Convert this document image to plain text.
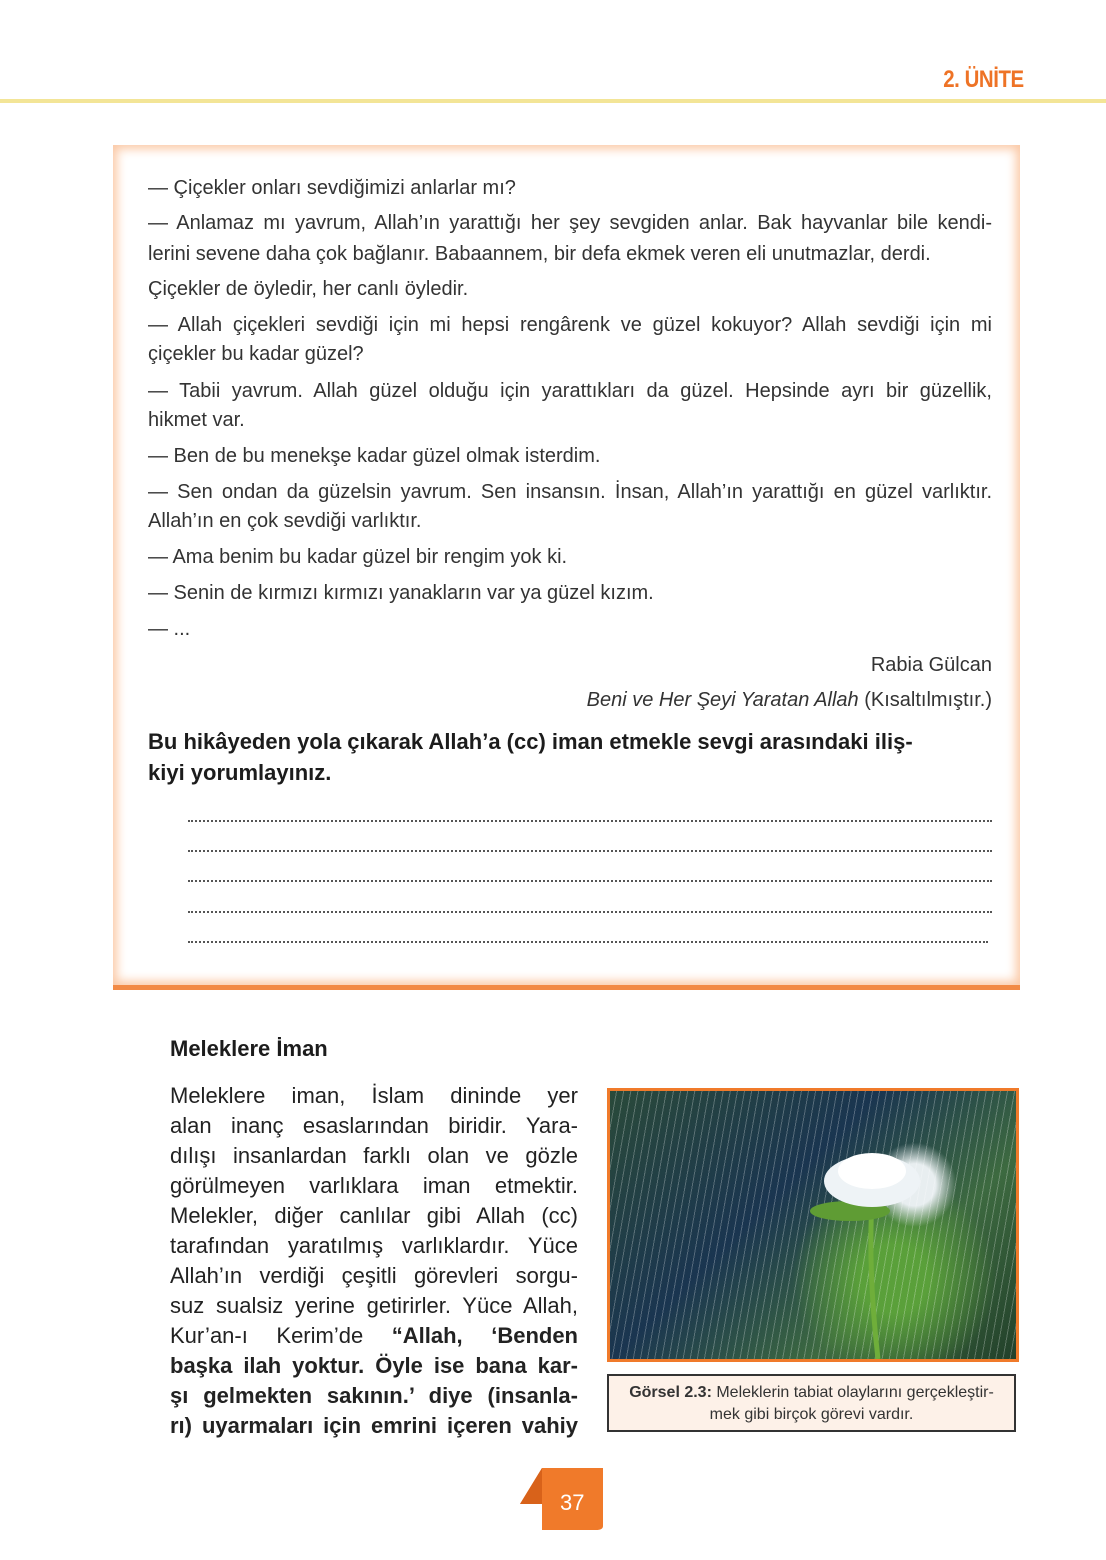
2. ÜNİTE
— Çiçekler onları sevdiğimizi anlarlar mı?
— Anlamaz mı yavrum, Allah’ın yarattığı her şey sevgiden anlar. Bak hayvanlar bile kendi-
lerini sevene daha çok bağlanır. Babaannem, bir defa ekmek veren eli unutmazlar, derdi.
Çiçekler de öyledir, her canlı öyledir.
— Allah çiçekleri sevdiği için mi hepsi rengârenk ve güzel kokuyor? Allah sevdiği için mi
çiçekler bu kadar güzel?
— Tabii yavrum. Allah güzel olduğu için yarattıkları da güzel. Hepsinde ayrı bir güzellik,
hikmet var.
— Ben de bu menekşe kadar güzel olmak isterdim.
— Sen ondan da güzelsin yavrum. Sen insansın. İnsan, Allah’ın yarattığı en güzel varlıktır.
Allah’ın en çok sevdiği varlıktır.
— Ama benim bu kadar güzel bir rengim yok ki.
— Senin de kırmızı kırmızı yanakların var ya güzel kızım.
— ...
Rabia Gülcan
Beni ve Her Şeyi Yaratan Allah (Kısaltılmıştır.)
Bu hikâyeden yola çıkarak Allah’a (cc) iman etmekle sevgi arasındaki iliş-
kiyi yorumlayınız.
Meleklere İman
Meleklere iman, İslam dininde yer
alan inanç esaslarından biridir. Yara-
dılışı insanlardan farklı olan ve gözle
görülmeyen varlıklara iman etmektir.
Melekler, diğer canlılar gibi Allah (cc)
tarafından yaratılmış varlıklardır. Yüce
Allah’ın verdiği çeşitli görevleri sorgu-
suz sualsiz yerine getirirler. Yüce Allah,
Kur’an-ı Kerim’de “Allah, ‘Benden
başka ilah yoktur. Öyle ise bana kar-
şı gelmekten sakının.’ diye (insanla-
rı) uyarmaları için emrini içeren vahiy
Görsel 2.3: Meleklerin tabiat olaylarını gerçekleştir-mek gibi birçok görevi vardır.
37
